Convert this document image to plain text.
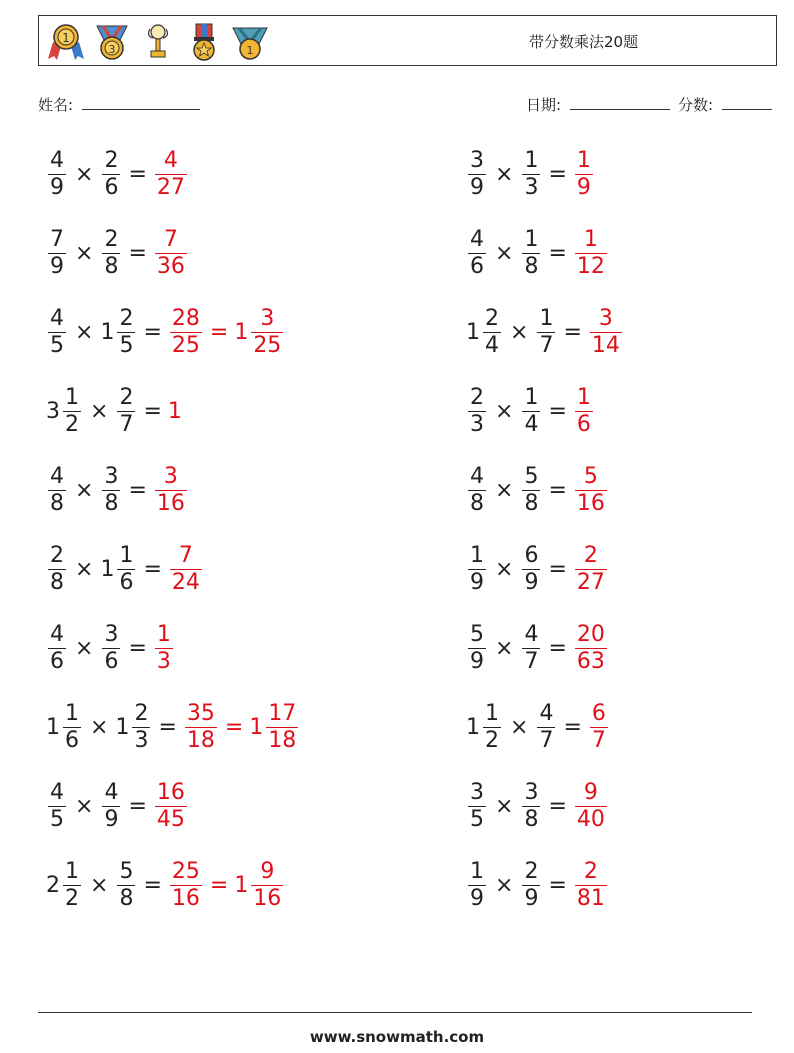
1
3	1	带分数乘法20题
姓名:	日期:	分数:
$\frac{4}{9} \times \frac{2}{6} = \frac{4}{27}$	$\frac{3}{9} \times \frac{1}{3} = \frac{1}{9}$
$\frac{7}{9} \times \frac{2}{8} = \frac{7}{36}$	$\frac{4}{6} \times \frac{1}{8} = \frac{1}{12}$
$\frac{4}{5} \times 1 \frac{2}{5} = \frac{28}{25} = 1 \frac{3}{25}$	$1 \frac{2}{4} \times \frac{1}{7} = \frac{3}{14}$
$3 \frac{1}{2} \times \frac{2}{7} = 1$	$\frac{2}{3} \times \frac{1}{4} = \frac{1}{6}$
$\frac{4}{8} \times \frac{3}{8} = \frac{3}{16}$	$\frac{4}{8} \times \frac{5}{8} = \frac{5}{16}$
$\frac{2}{8} \times 1 \frac{1}{6} = \frac{7}{24}$	$\frac{1}{9} \times \frac{6}{9} = \frac{2}{27}$
$\frac{4}{6} \times \frac{3}{6} = \frac{1}{3}$	$\frac{5}{9} \times \frac{4}{7} = \frac{20}{63}$
$1 \frac{1}{6} \times 1 \frac{2}{3} = \frac{35}{18} = 1 \frac{17}{18}$	$1 \frac{1}{2} \times \frac{4}{7} = \frac{6}{7}$
$\frac{4}{5} \times \frac{4}{9} = \frac{16}{45}$	$\frac{3}{5} \times \frac{3}{8} = \frac{9}{40}$
$2 \frac{1}{2} \times \frac{5}{8} = \frac{25}{16} = 1 \frac{9}{16}$	$\frac{1}{9} \times \frac{2}{9} = \frac{2}{81}$
www.snowmath.com
